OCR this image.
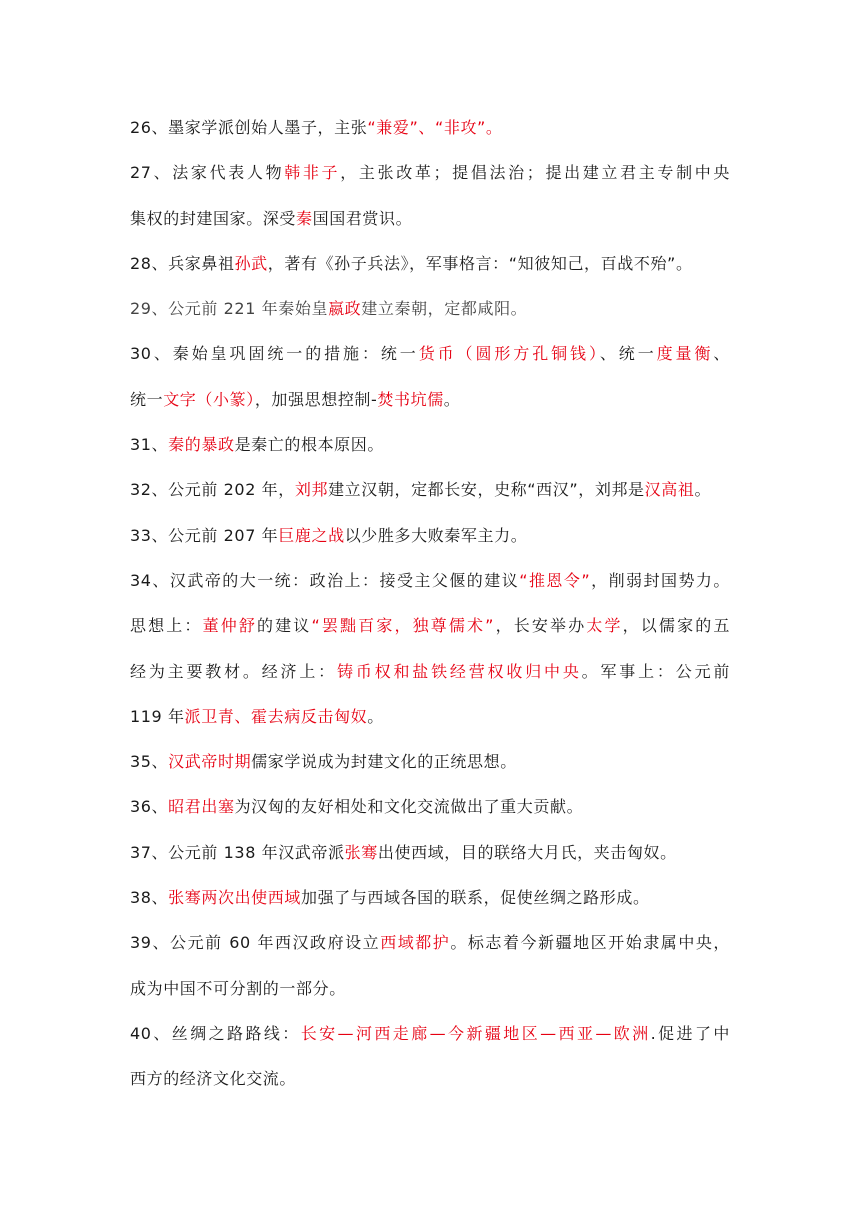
26、墨家学派创始人墨子，主张“兼爱”、“非攻”。
27、法家代表人物韩非子，主张改革；提倡法治；提出建立君主专制中央
集权的封建国家。深受秦国国君赏识。
28、兵家鼻祖孙武，著有《孙子兵法》，军事格言：“知彼知己，百战不殆”。
29、公元前 221 年秦始皇嬴政建立秦朝，定都咸阳。
30、秦始皇巩固统一的措施：统一货币（圆形方孔铜钱）、统一度量衡、
统一文字（小篆），加强思想控制-焚书坑儒。
31、秦的暴政是秦亡的根本原因。
32、公元前 202 年，刘邦建立汉朝，定都长安，史称“西汉”，刘邦是汉高祖。
33、公元前 207 年巨鹿之战以少胜多大败秦军主力。
34、汉武帝的大一统：政治上：接受主父偃的建议“推恩令”，削弱封国势力。
思想上：董仲舒的建议“罢黜百家，独尊儒术”，长安举办太学，以儒家的五
经为主要教材。经济上：铸币权和盐铁经营权收归中央。军事上：公元前
119 年派卫青、霍去病反击匈奴。
35、汉武帝时期儒家学说成为封建文化的正统思想。
36、昭君出塞为汉匈的友好相处和文化交流做出了重大贡献。
37、公元前 138 年汉武帝派张骞出使西域，目的联络大月氏，夹击匈奴。
38、张骞两次出使西域加强了与西域各国的联系，促使丝绸之路形成。
39、公元前 60 年西汉政府设立西域都护。标志着今新疆地区开始隶属中央，
成为中国不可分割的一部分。
40、丝绸之路路线：长安—河西走廊—今新疆地区—西亚—欧洲.促进了中
西方的经济文化交流。
